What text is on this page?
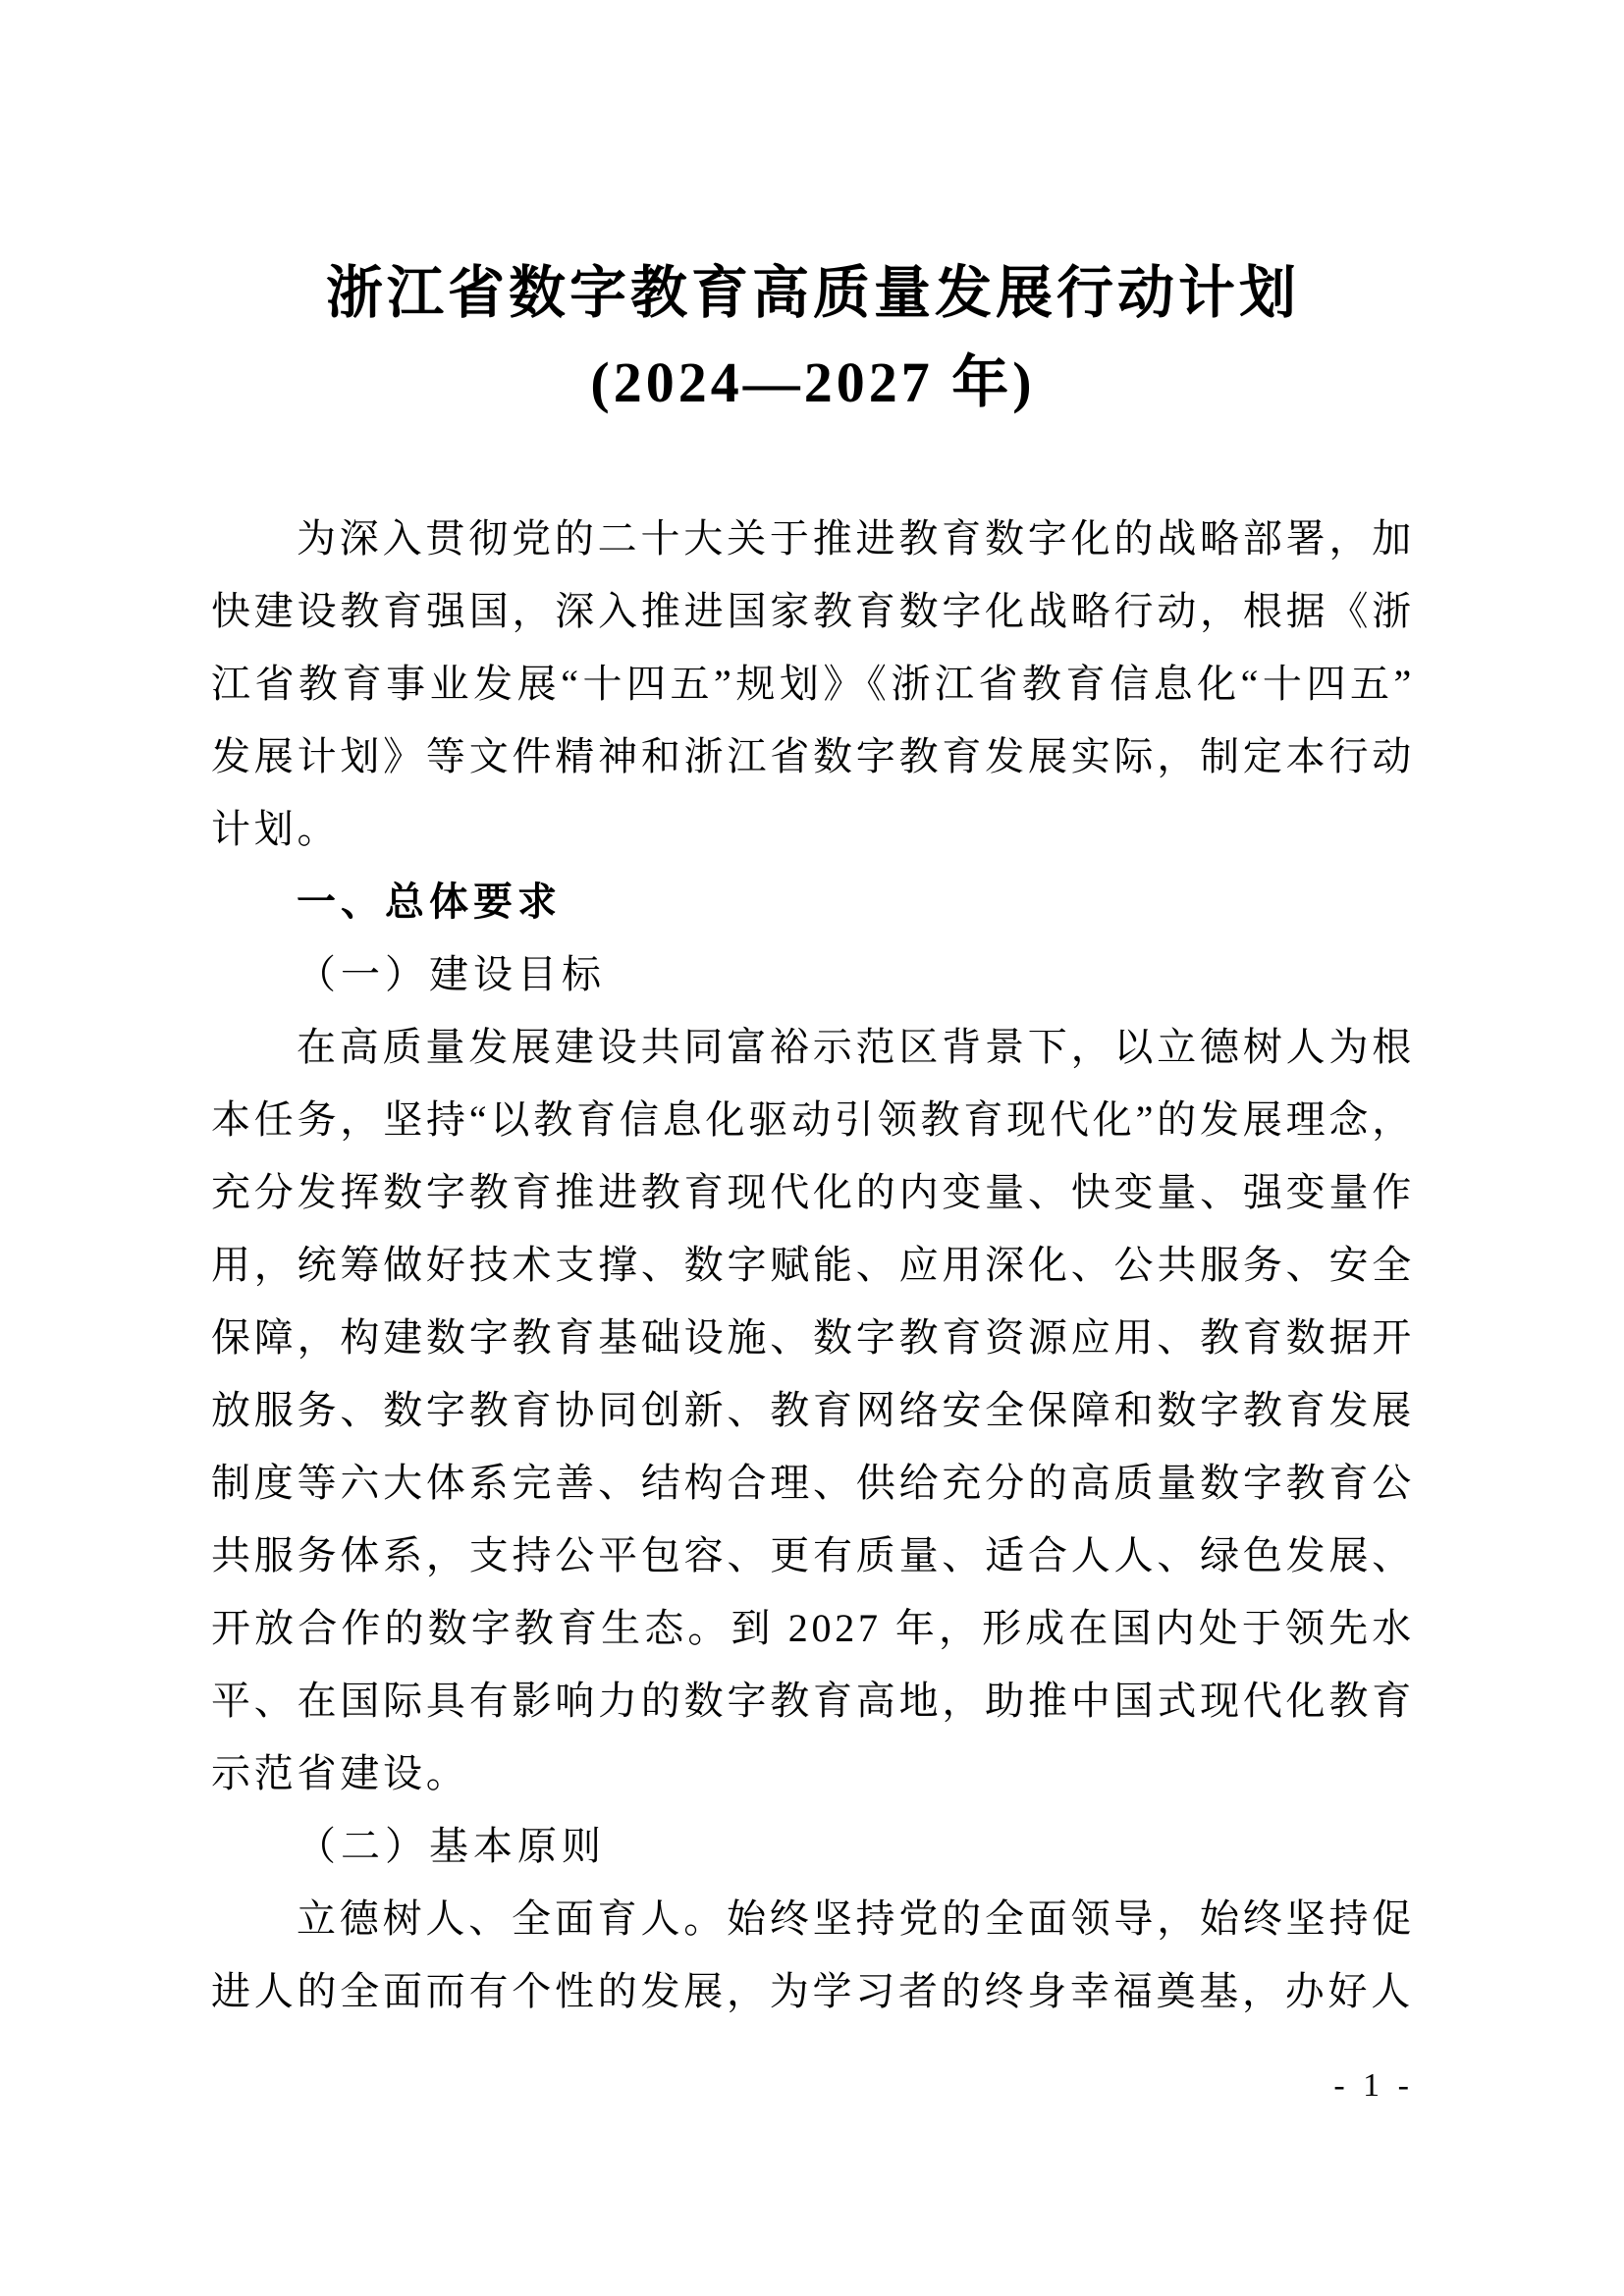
浙江省数字教育高质量发展行动计划
(2024—2027 年)

为深入贯彻党的二十大关于推进教育数字化的战略部署，加快建设教育强国，深入推进国家教育数字化战略行动，根据《浙江省教育事业发展“十四五”规划》《浙江省教育信息化“十四五”发展计划》等文件精神和浙江省数字教育发展实际，制定本行动计划。

一、总体要求

（一）建设目标

在高质量发展建设共同富裕示范区背景下，以立德树人为根本任务，坚持“以教育信息化驱动引领教育现代化”的发展理念，充分发挥数字教育推进教育现代化的内变量、快变量、强变量作用，统筹做好技术支撑、数字赋能、应用深化、公共服务、安全保障，构建数字教育基础设施、数字教育资源应用、教育数据开放服务、数字教育协同创新、教育网络安全保障和数字教育发展制度等六大体系完善、结构合理、供给充分的高质量数字教育公共服务体系，支持公平包容、更有质量、适合人人、绿色发展、开放合作的数字教育生态。到 2027 年，形成在国内处于领先水平、在国际具有影响力的数字教育高地，助推中国式现代化教育示范省建设。

（二）基本原则

立德树人、全面育人。始终坚持党的全面领导，始终坚持促进人的全面而有个性的发展，为学习者的终身幸福奠基，办好人

- 1 -
